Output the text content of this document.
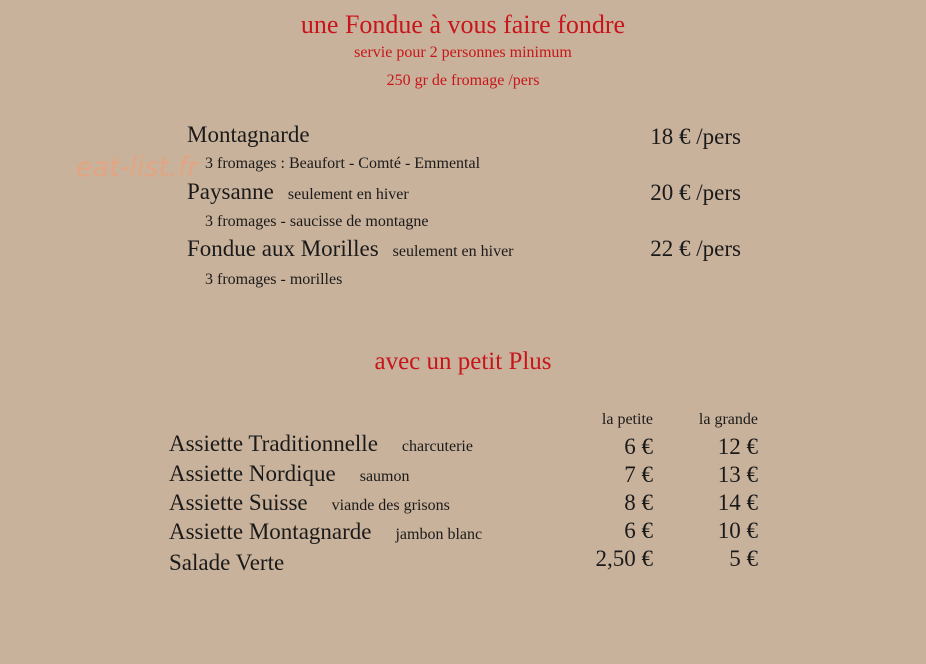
une Fondue à vous faire fondre
servie pour 2 personnes minimum
250 gr de fromage /pers
eat-list.fr
Montagnarde	18 € /pers
3 fromages : Beaufort - Comté - Emmental
Paysanne seulement en hiver	20 € /pers
3 fromages - saucisse de montagne
Fondue aux Morilles seulement en hiver	22 € /pers
3 fromages - morilles
avec un petit Plus
la petite	la grande
Assiette Traditionnelle charcuterie	6 €	12 €
Assiette Nordique saumon	7 €	13 €
Assiette Suisse viande des grisons	8 €	14 €
Assiette Montagnarde jambon blanc	6 €	10 €
Salade Verte	2,50 €	5 €
